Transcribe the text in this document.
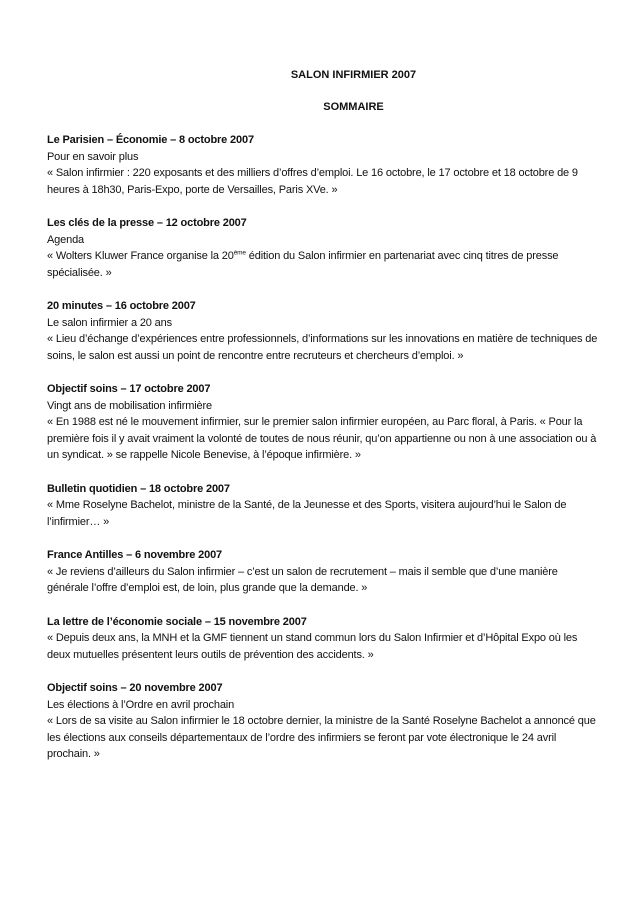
SALON INFIRMIER 2007
SOMMAIRE
Le Parisien – Économie – 8 octobre 2007
Pour en savoir plus
« Salon infirmier : 220 exposants et des milliers d’offres d’emploi. Le 16 octobre, le 17 octobre et 18 octobre de 9 heures à 18h30, Paris-Expo, porte de Versailles, Paris XVe. »
Les clés de la presse – 12 octobre 2007
Agenda
« Wolters Kluwer France organise la 20ème édition du Salon infirmier en partenariat avec cinq titres de presse spécialisée. »
20 minutes – 16 octobre 2007
Le salon infirmier a 20 ans
« Lieu d’échange d’expériences entre professionnels, d’informations sur les innovations en matière de techniques de soins, le salon est aussi un point de rencontre entre recruteurs et chercheurs d’emploi. »
Objectif soins – 17 octobre 2007
Vingt ans de mobilisation infirmière
« En 1988 est né le mouvement infirmier, sur le premier salon infirmier européen, au Parc floral, à Paris. « Pour la première fois il y avait vraiment la volonté de toutes de nous réunir, qu’on appartienne ou non à une association ou à un syndicat. » se rappelle Nicole Benevise, à l’époque infirmière. »
Bulletin quotidien – 18 octobre 2007
« Mme Roselyne Bachelot, ministre de la Santé, de la Jeunesse et des Sports, visitera aujourd’hui le Salon de l’infirmier… »
France Antilles – 6 novembre 2007
« Je reviens d’ailleurs du Salon infirmier – c’est un salon de recrutement – mais il semble que d’une manière générale l’offre d’emploi est, de loin, plus grande que la demande. »
La lettre de l’économie sociale – 15 novembre 2007
« Depuis deux ans, la MNH et la GMF tiennent un stand commun lors du Salon Infirmier et d’Hôpital Expo où les deux mutuelles présentent leurs outils de prévention des accidents. »
Objectif soins – 20 novembre 2007
Les élections à l’Ordre en avril prochain
« Lors de sa visite au Salon infirmier le 18 octobre dernier, la ministre de la Santé Roselyne Bachelot a annoncé que les élections aux conseils départementaux de l’ordre des infirmiers se feront par vote électronique le 24 avril prochain. »
